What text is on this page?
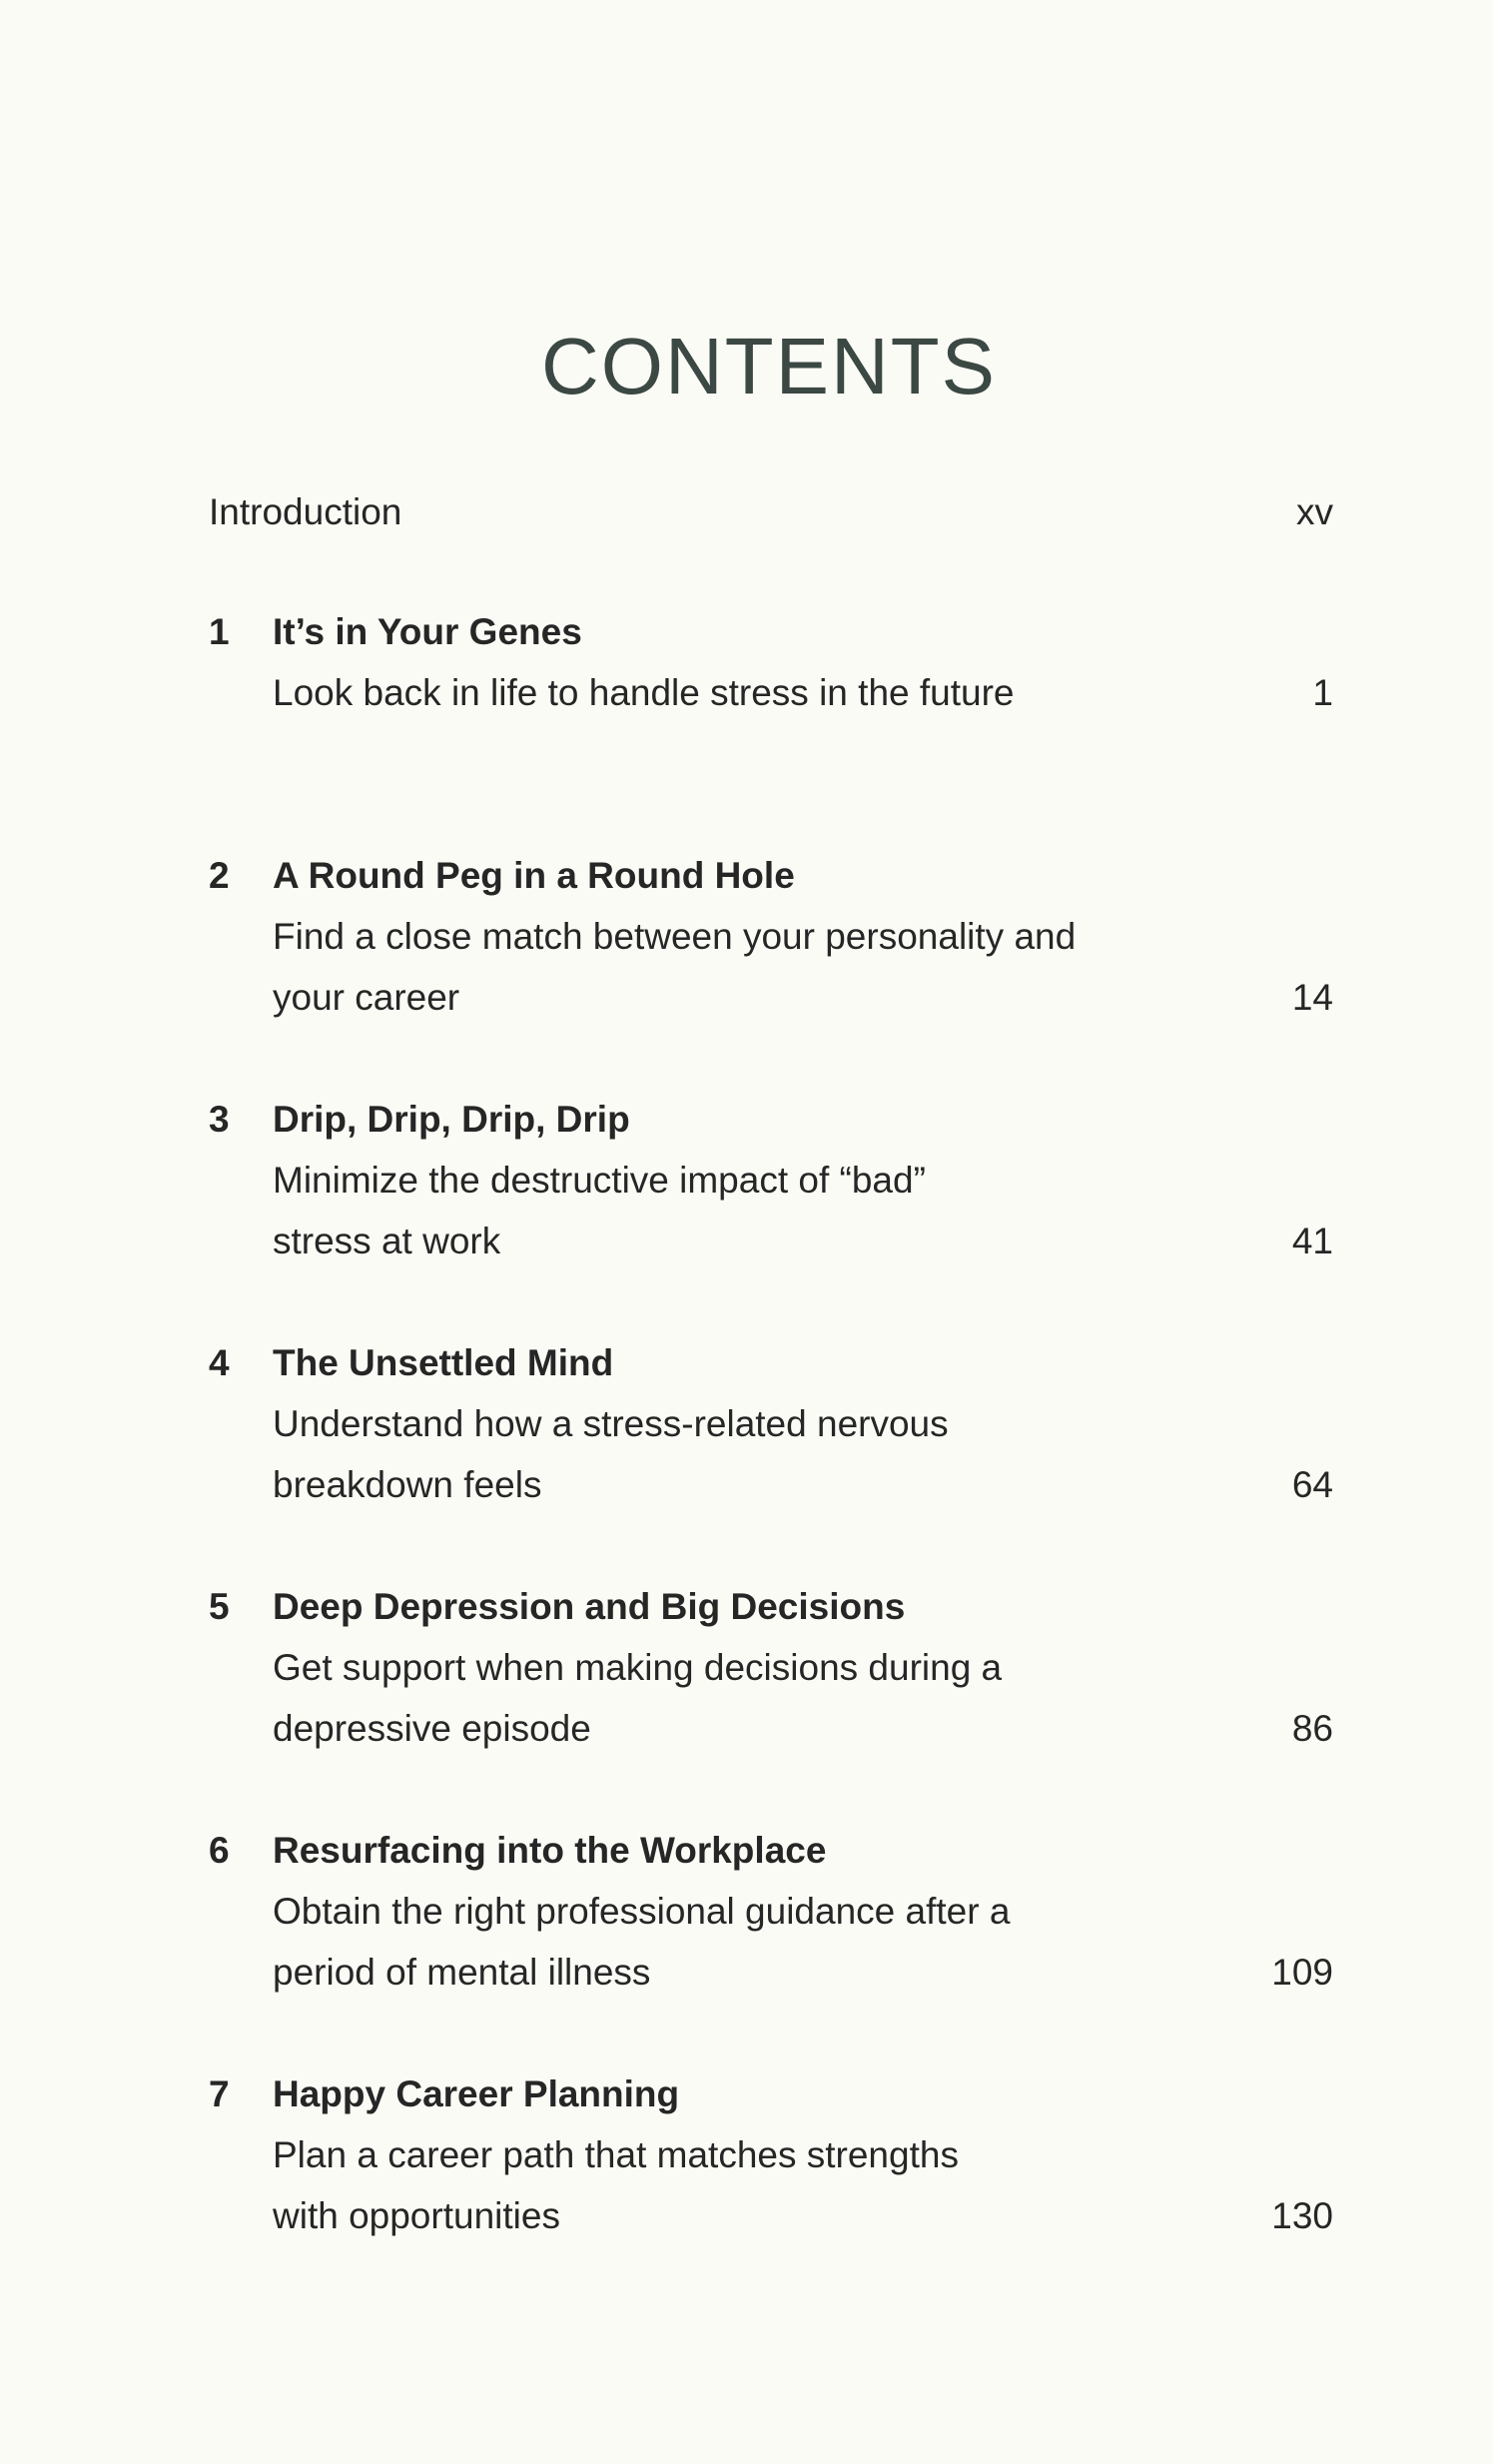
CONTENTS
Introduction	xv
1 It’s in Your Genes
Look back in life to handle stress in the future	1
2 A Round Peg in a Round Hole
Find a close match between your personality and
your career	14
3 Drip, Drip, Drip, Drip
Minimize the destructive impact of “bad”
stress at work	41
4 The Unsettled Mind
Understand how a stress-related nervous
breakdown feels	64
5 Deep Depression and Big Decisions
Get support when making decisions during a
depressive episode	86
6 Resurfacing into the Workplace
Obtain the right professional guidance after a
period of mental illness	109
7 Happy Career Planning
Plan a career path that matches strengths
with opportunities	130
